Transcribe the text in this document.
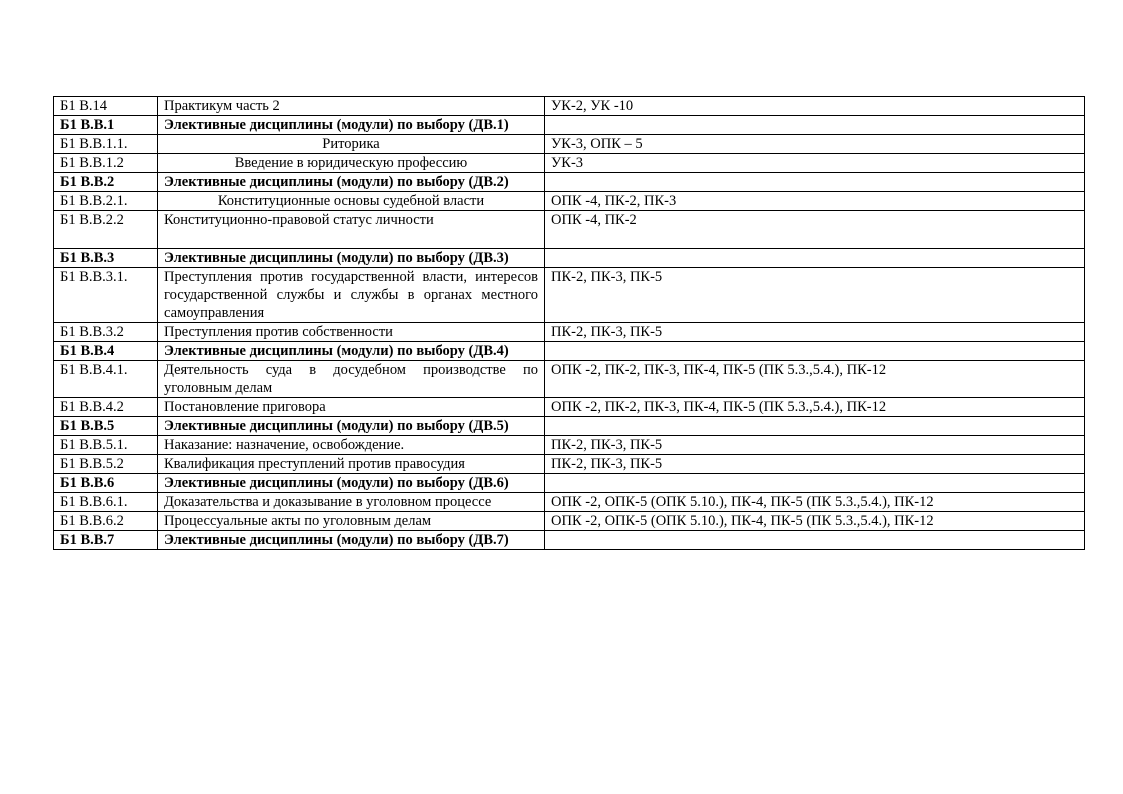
Б1 В.14	Практикум часть 2	УК-2, УК -10
Б1 В.В.1	Элективные дисциплины (модули) по выбору (ДВ.1)	
Б1 В.В.1.1.	Риторика	УК-3, ОПК – 5
Б1 В.В.1.2	Введение в юридическую профессию	УК-3
Б1 В.В.2	Элективные дисциплины (модули) по выбору (ДВ.2)	
Б1 В.В.2.1.	Конституционные основы судебной власти	ОПК -4, ПК-2, ПК-3
Б1 В.В.2.2	Конституционно-правовой статус личности	ОПК -4, ПК-2
Б1 В.В.3	Элективные дисциплины (модули) по выбору (ДВ.3)	
Б1 В.В.3.1.	Преступления против государственной власти, интересов государственной службы и службы в органах местного самоуправления	ПК-2, ПК-3, ПК-5
Б1 В.В.3.2	Преступления против собственности	ПК-2, ПК-3, ПК-5
Б1 В.В.4	Элективные дисциплины (модули) по выбору (ДВ.4)	
Б1 В.В.4.1.	Деятельность суда в досудебном производстве по уголовным делам	ОПК -2, ПК-2, ПК-3, ПК-4, ПК-5 (ПК 5.3.,5.4.), ПК-12
Б1 В.В.4.2	Постановление приговора	ОПК -2, ПК-2, ПК-3, ПК-4, ПК-5 (ПК 5.3.,5.4.), ПК-12
Б1 В.В.5	Элективные дисциплины (модули) по выбору (ДВ.5)	
Б1 В.В.5.1.	Наказание: назначение, освобождение.	ПК-2, ПК-3, ПК-5
Б1 В.В.5.2	Квалификация преступлений против правосудия	ПК-2, ПК-3, ПК-5
Б1 В.В.6	Элективные дисциплины (модули) по выбору (ДВ.6)	
Б1 В.В.6.1.	Доказательства и доказывание в уголовном процессе	ОПК -2, ОПК-5 (ОПК 5.10.), ПК-4, ПК-5 (ПК 5.3.,5.4.), ПК-12
Б1 В.В.6.2	Процессуальные акты по уголовным делам	ОПК -2, ОПК-5 (ОПК 5.10.), ПК-4, ПК-5 (ПК 5.3.,5.4.), ПК-12
Б1 В.В.7	Элективные дисциплины (модули) по выбору (ДВ.7)	
